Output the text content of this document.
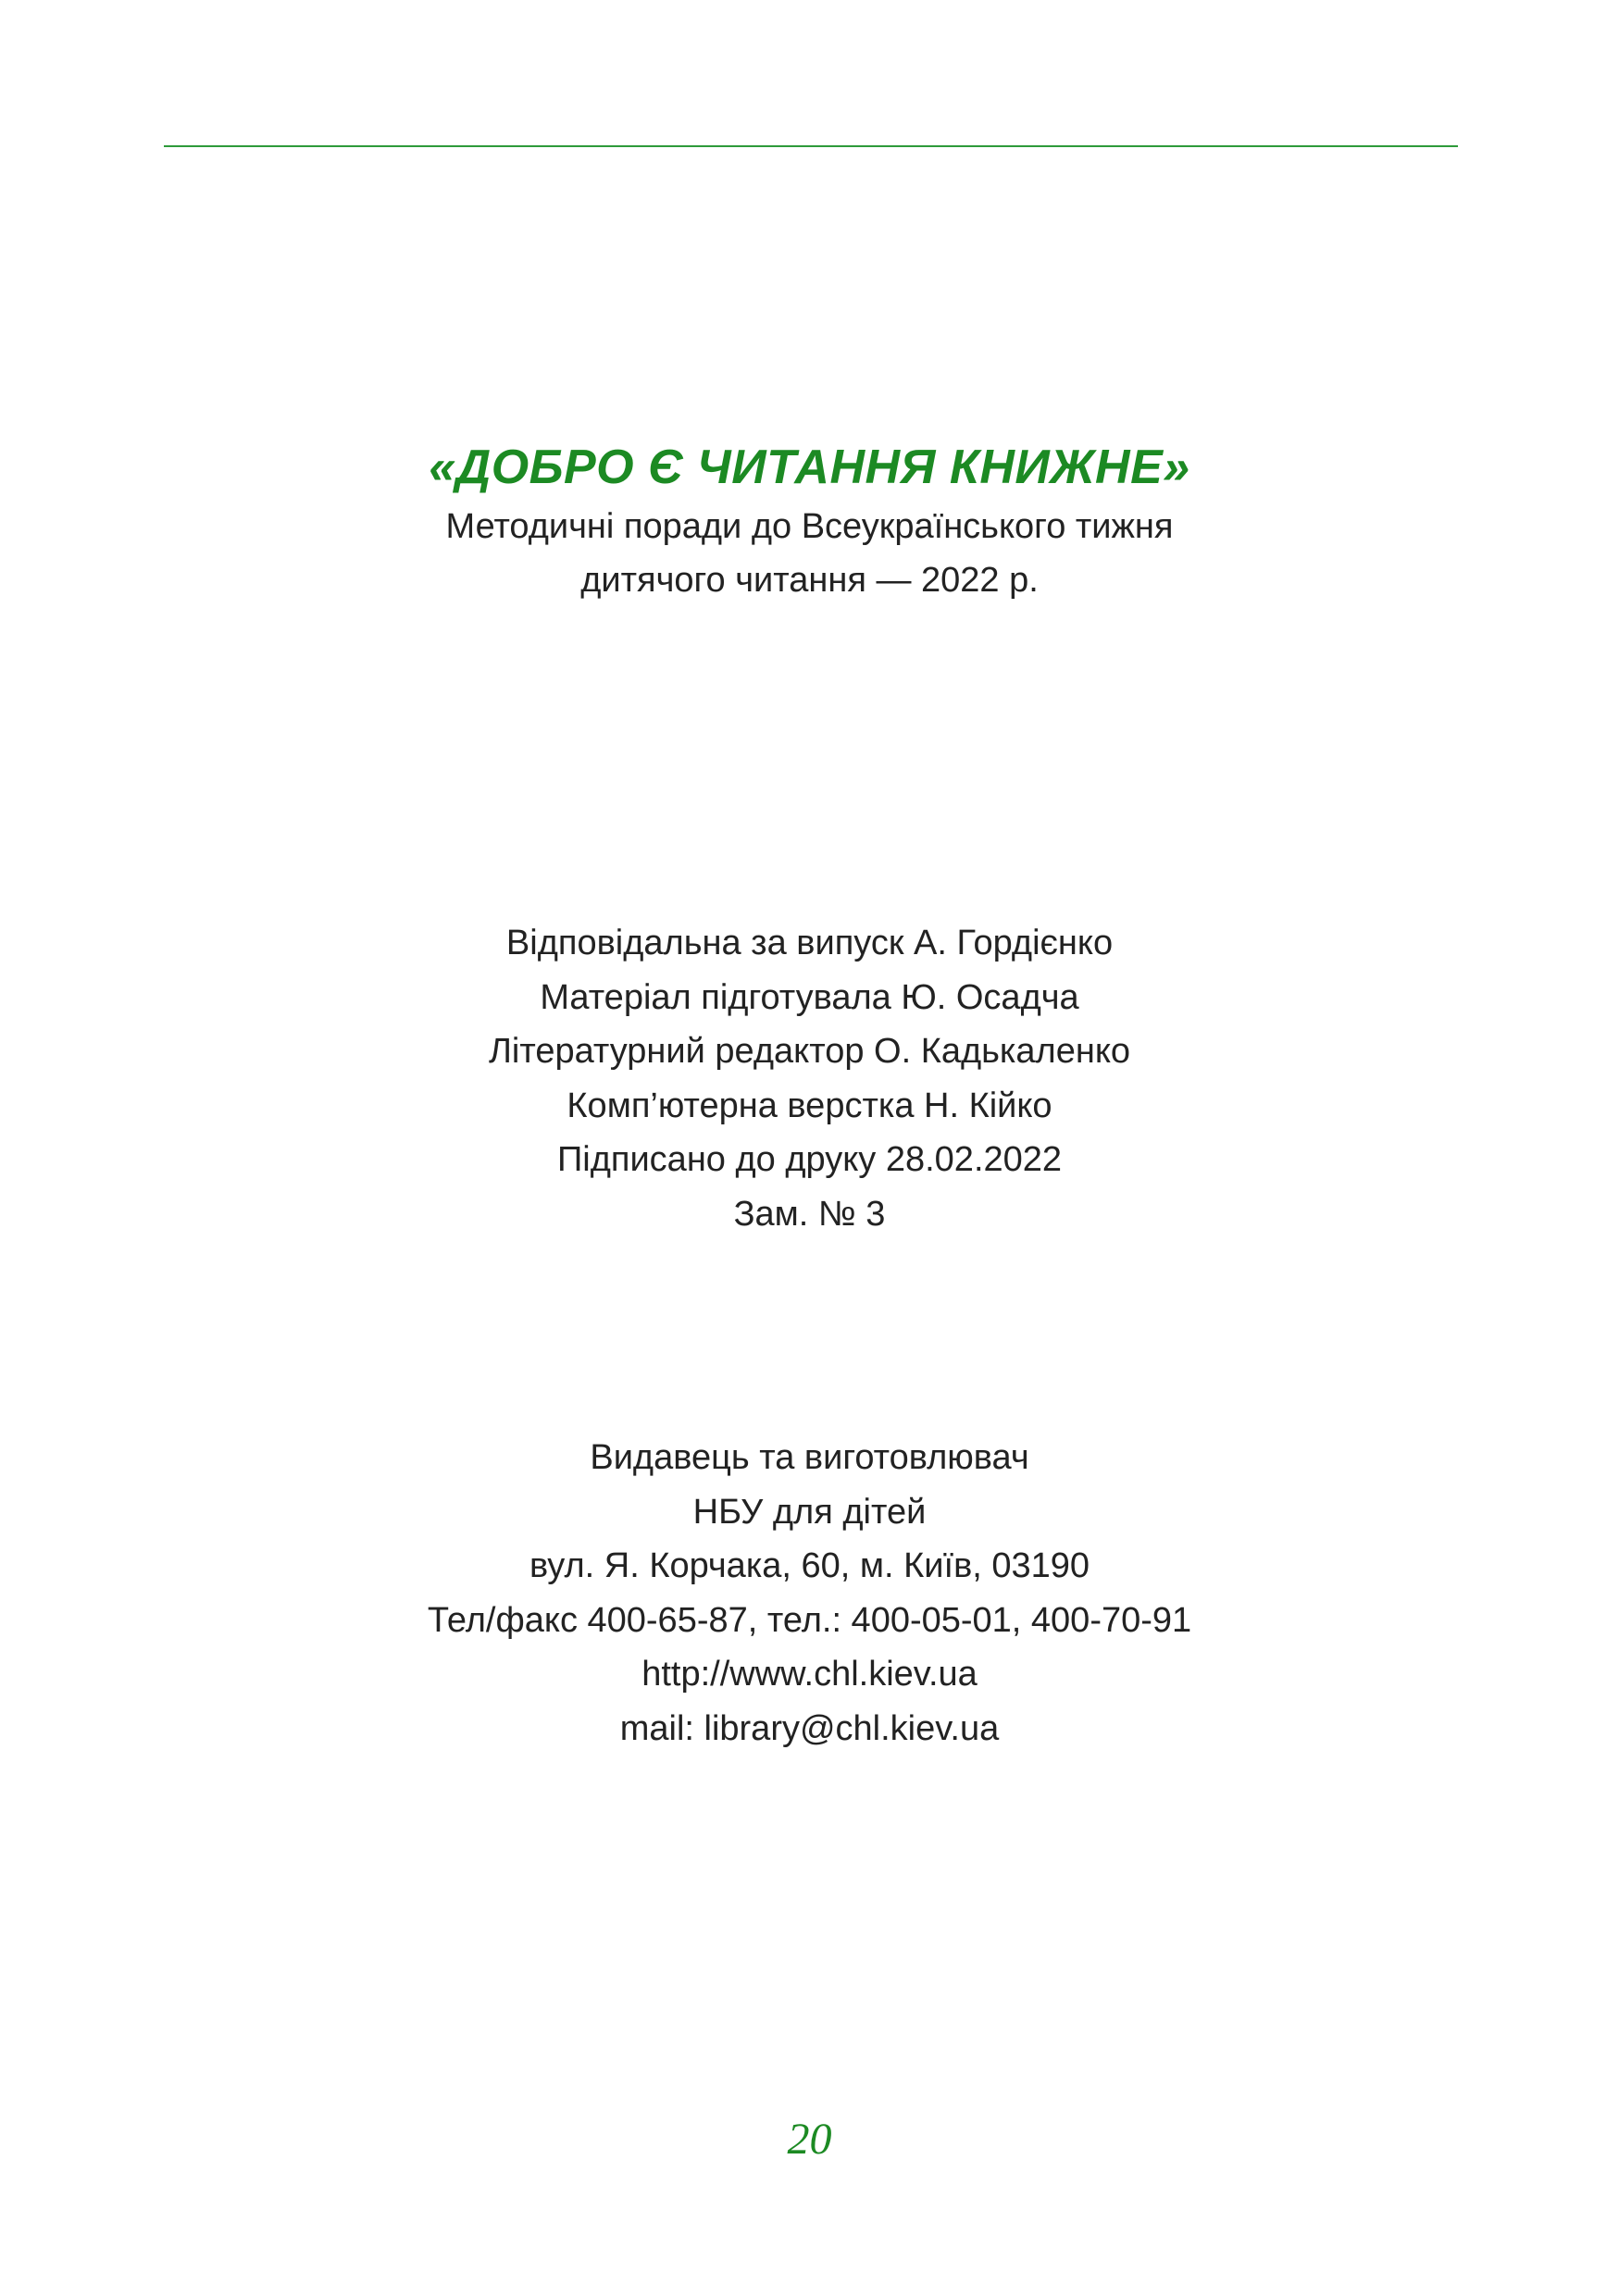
«ДОБРО Є ЧИТАННЯ КНИЖНЕ»
Методичні поради до Всеукраїнського тижня
дитячого читання — 2022 р.
Відповідальна за випуск А. Гордієнко
Матеріал підготувала Ю. Осадча
Літературний редактор О. Кадькаленко
Комп’ютерна верстка Н. Кійко
Підписано до друку 28.02.2022
Зам. № 3
Видавець та виготовлювач
НБУ для дітей
вул. Я. Корчака, 60, м. Київ, 03190
Тел/факс 400-65-87, тел.: 400-05-01, 400-70-91
http://www.chl.kiev.ua
mail: library@chl.kiev.ua
20
